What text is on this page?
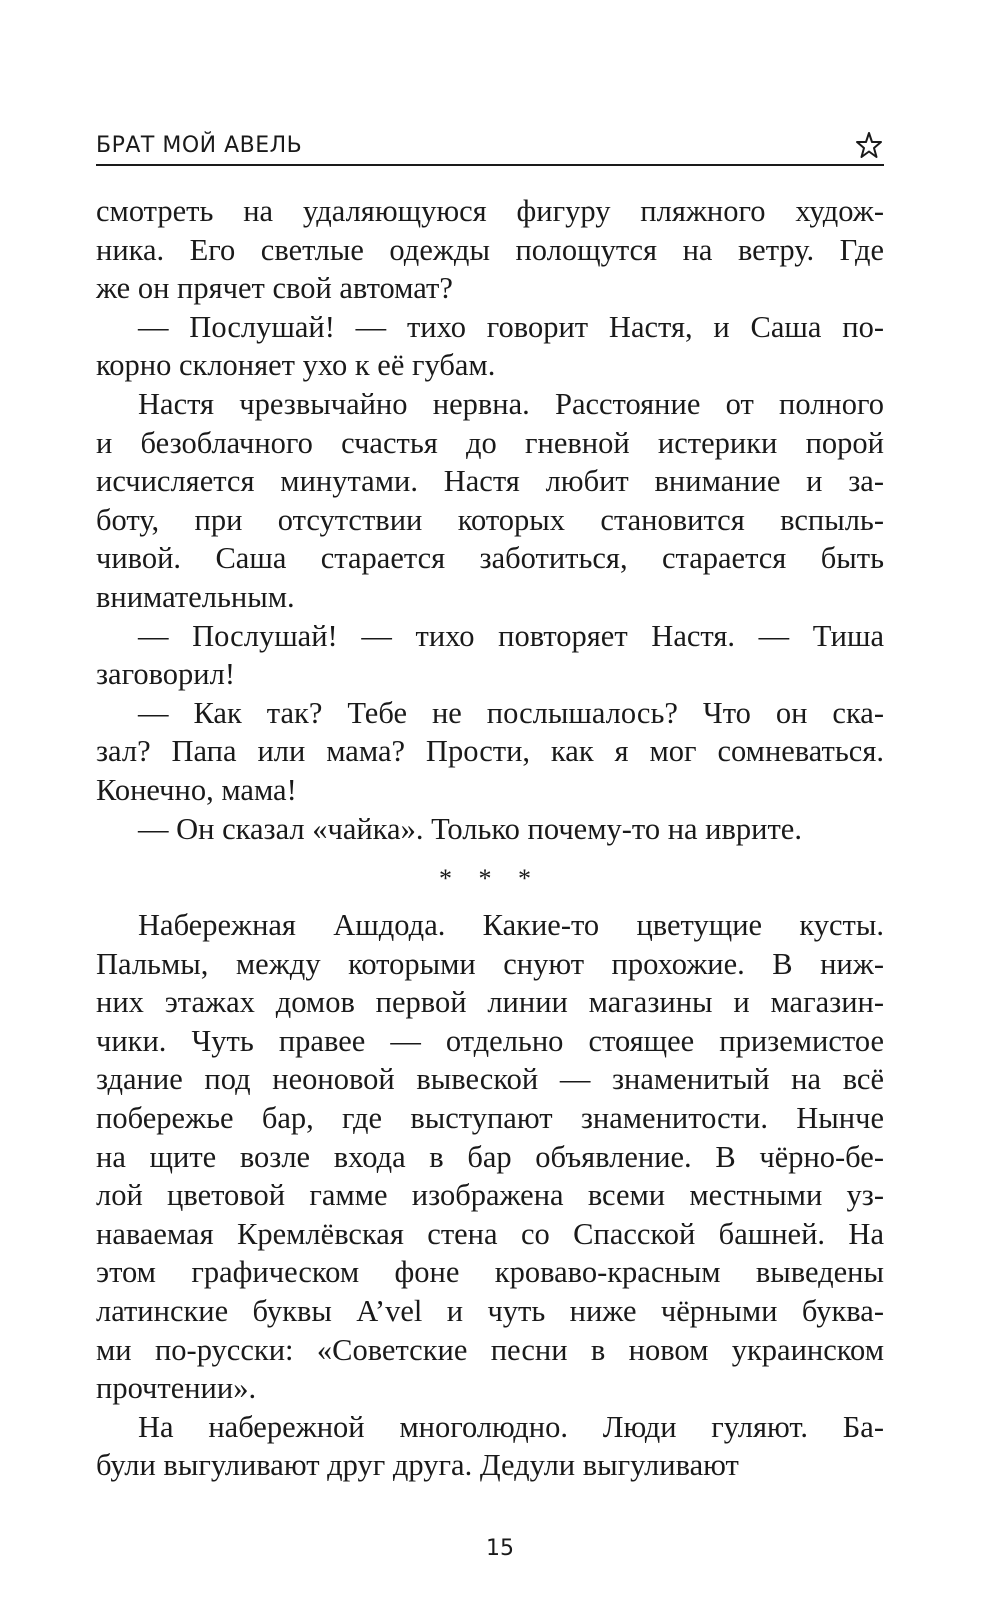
БРАТ МОЙ АВЕЛЬ
смотреть на удаляющуюся фигуру пляжного худож-
ника. Его светлые одежды полощутся на ветру. Где
же он прячет свой автомат?
— Послушай! — тихо говорит Настя, и Саша по-
корно склоняет ухо к её губам.
Настя чрезвычайно нервна. Расстояние от полного
и безоблачного счастья до гневной истерики порой
исчисляется минутами. Настя любит внимание и за-
боту, при отсутствии которых становится вспыль-
чивой. Саша старается заботиться, старается быть
внимательным.
— Послушай! — тихо повторяет Настя. — Тиша
заговорил!
— Как так? Тебе не послышалось? Что он ска-
зал? Папа или мама? Прости, как я мог сомневаться.
Конечно, мама!
— Он сказал «чайка». Только почему-то на иврите.
* * *
Набережная Ашдода. Какие-то цветущие кусты.
Пальмы, между которыми снуют прохожие. В ниж-
них этажах домов первой линии магазины и магазин-
чики. Чуть правее — отдельно стоящее приземистое
здание под неоновой вывеской — знаменитый на всё
побережье бар, где выступают знаменитости. Нынче
на щите возле входа в бар объявление. В чёрно-бе-
лой цветовой гамме изображена всеми местными уз-
наваемая Кремлёвская стена со Спасской башней. На
этом графическом фоне кроваво-красным выведены
латинские буквы A’vel и чуть ниже чёрными буква-
ми по-русски: «Советские песни в новом украинском
прочтении».
На набережной многолюдно. Люди гуляют. Ба-
були выгуливают друг друга. Дедули выгуливают
15
